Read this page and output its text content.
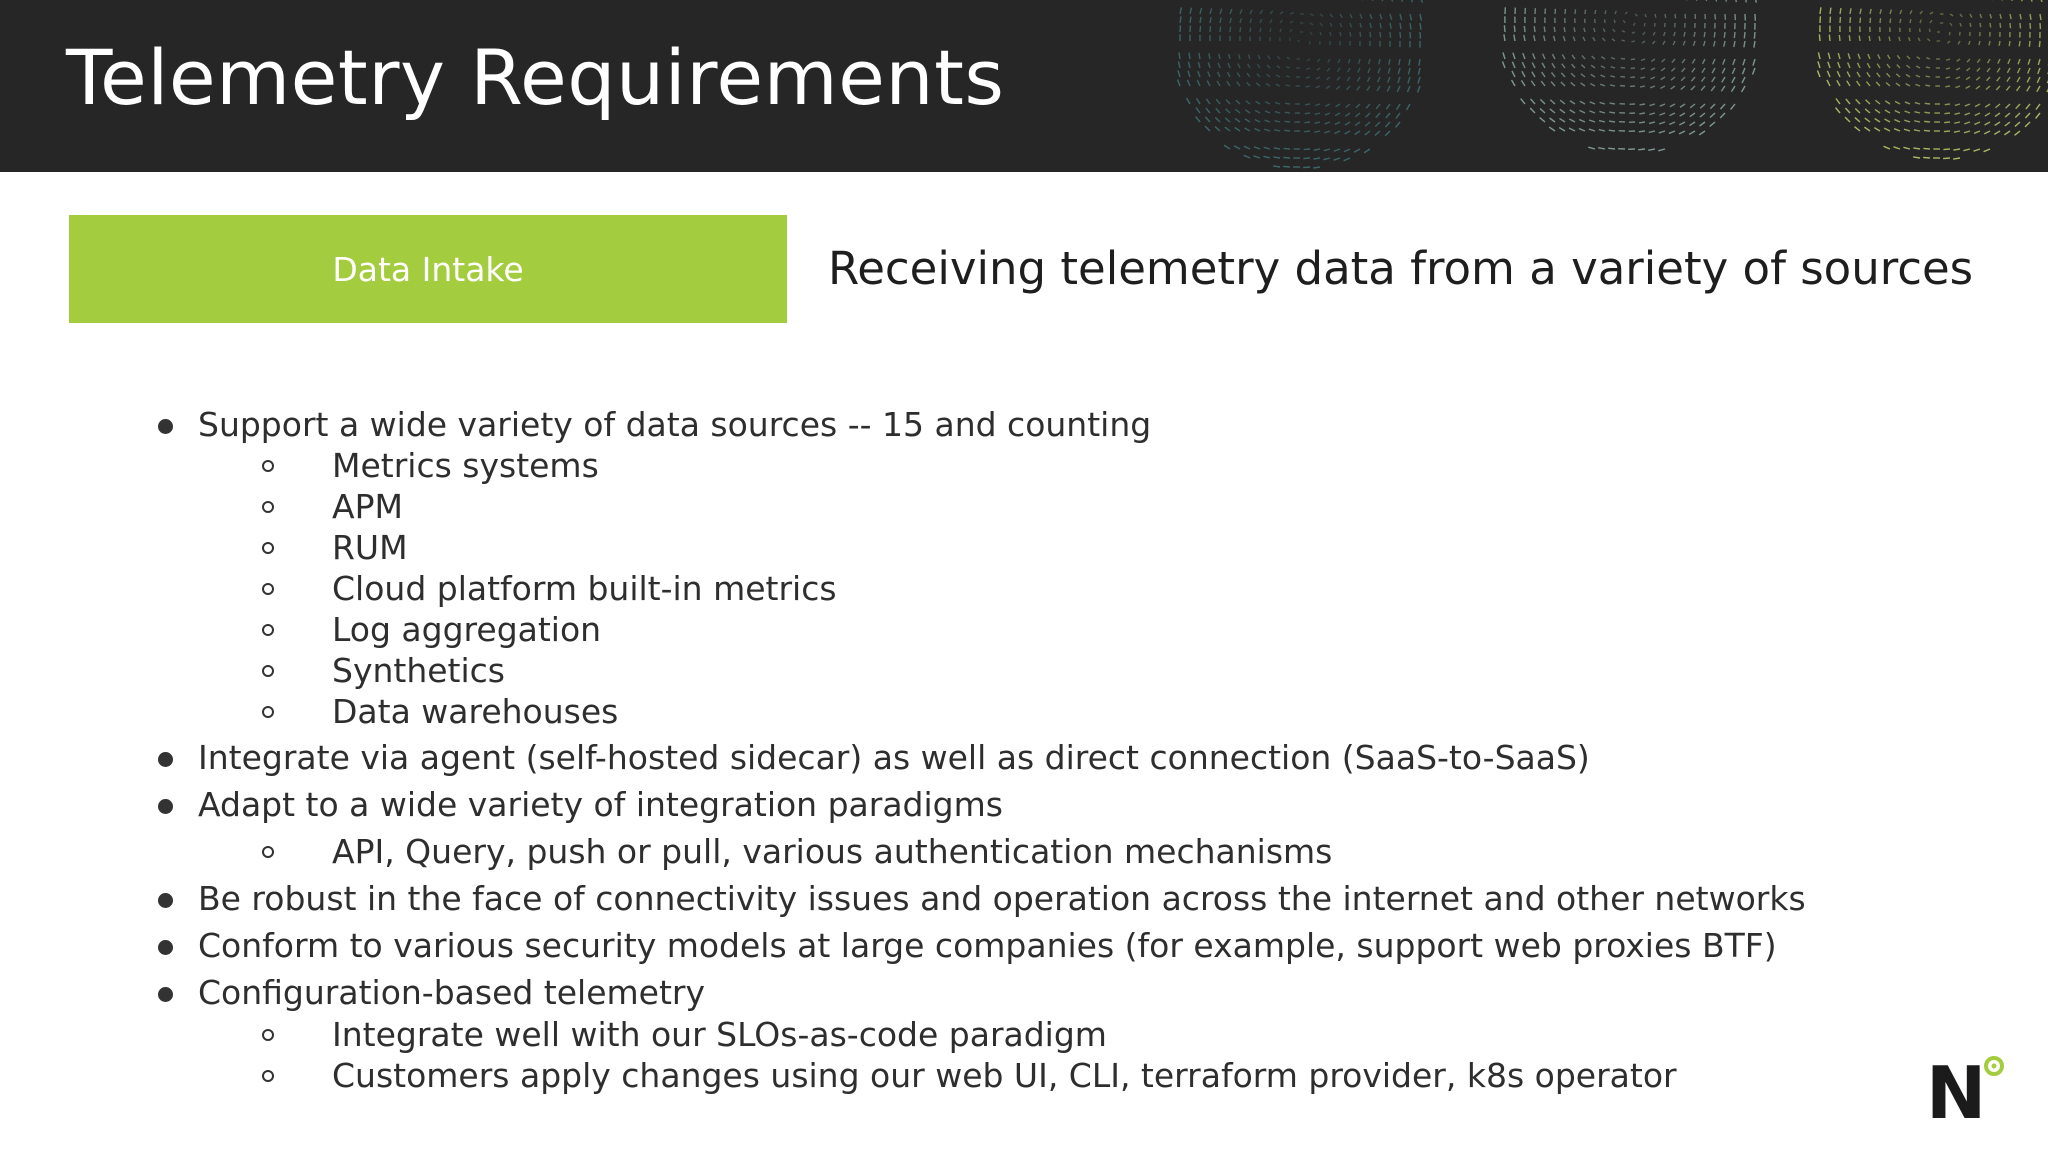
Telemetry Requirements
Data Intake	Receiving telemetry data from a variety of sources
Support a wide variety of data sources -- 15 and counting
Metrics systems
APM
RUM
Cloud platform built-in metrics
Log aggregation
Synthetics
Data warehouses
Integrate via agent (self-hosted sidecar) as well as direct connection (SaaS-to-SaaS)
Adapt to a wide variety of integration paradigms
API, Query, push or pull, various authentication mechanisms
Be robust in the face of connectivity issues and operation across the internet and other networks
Conform to various security models at large companies (for example, support web proxies BTF)
Configuration-based telemetry
Integrate well with our SLOs-as-code paradigm
Customers apply changes using our web UI, CLI, terraform provider, k8s operator	N
